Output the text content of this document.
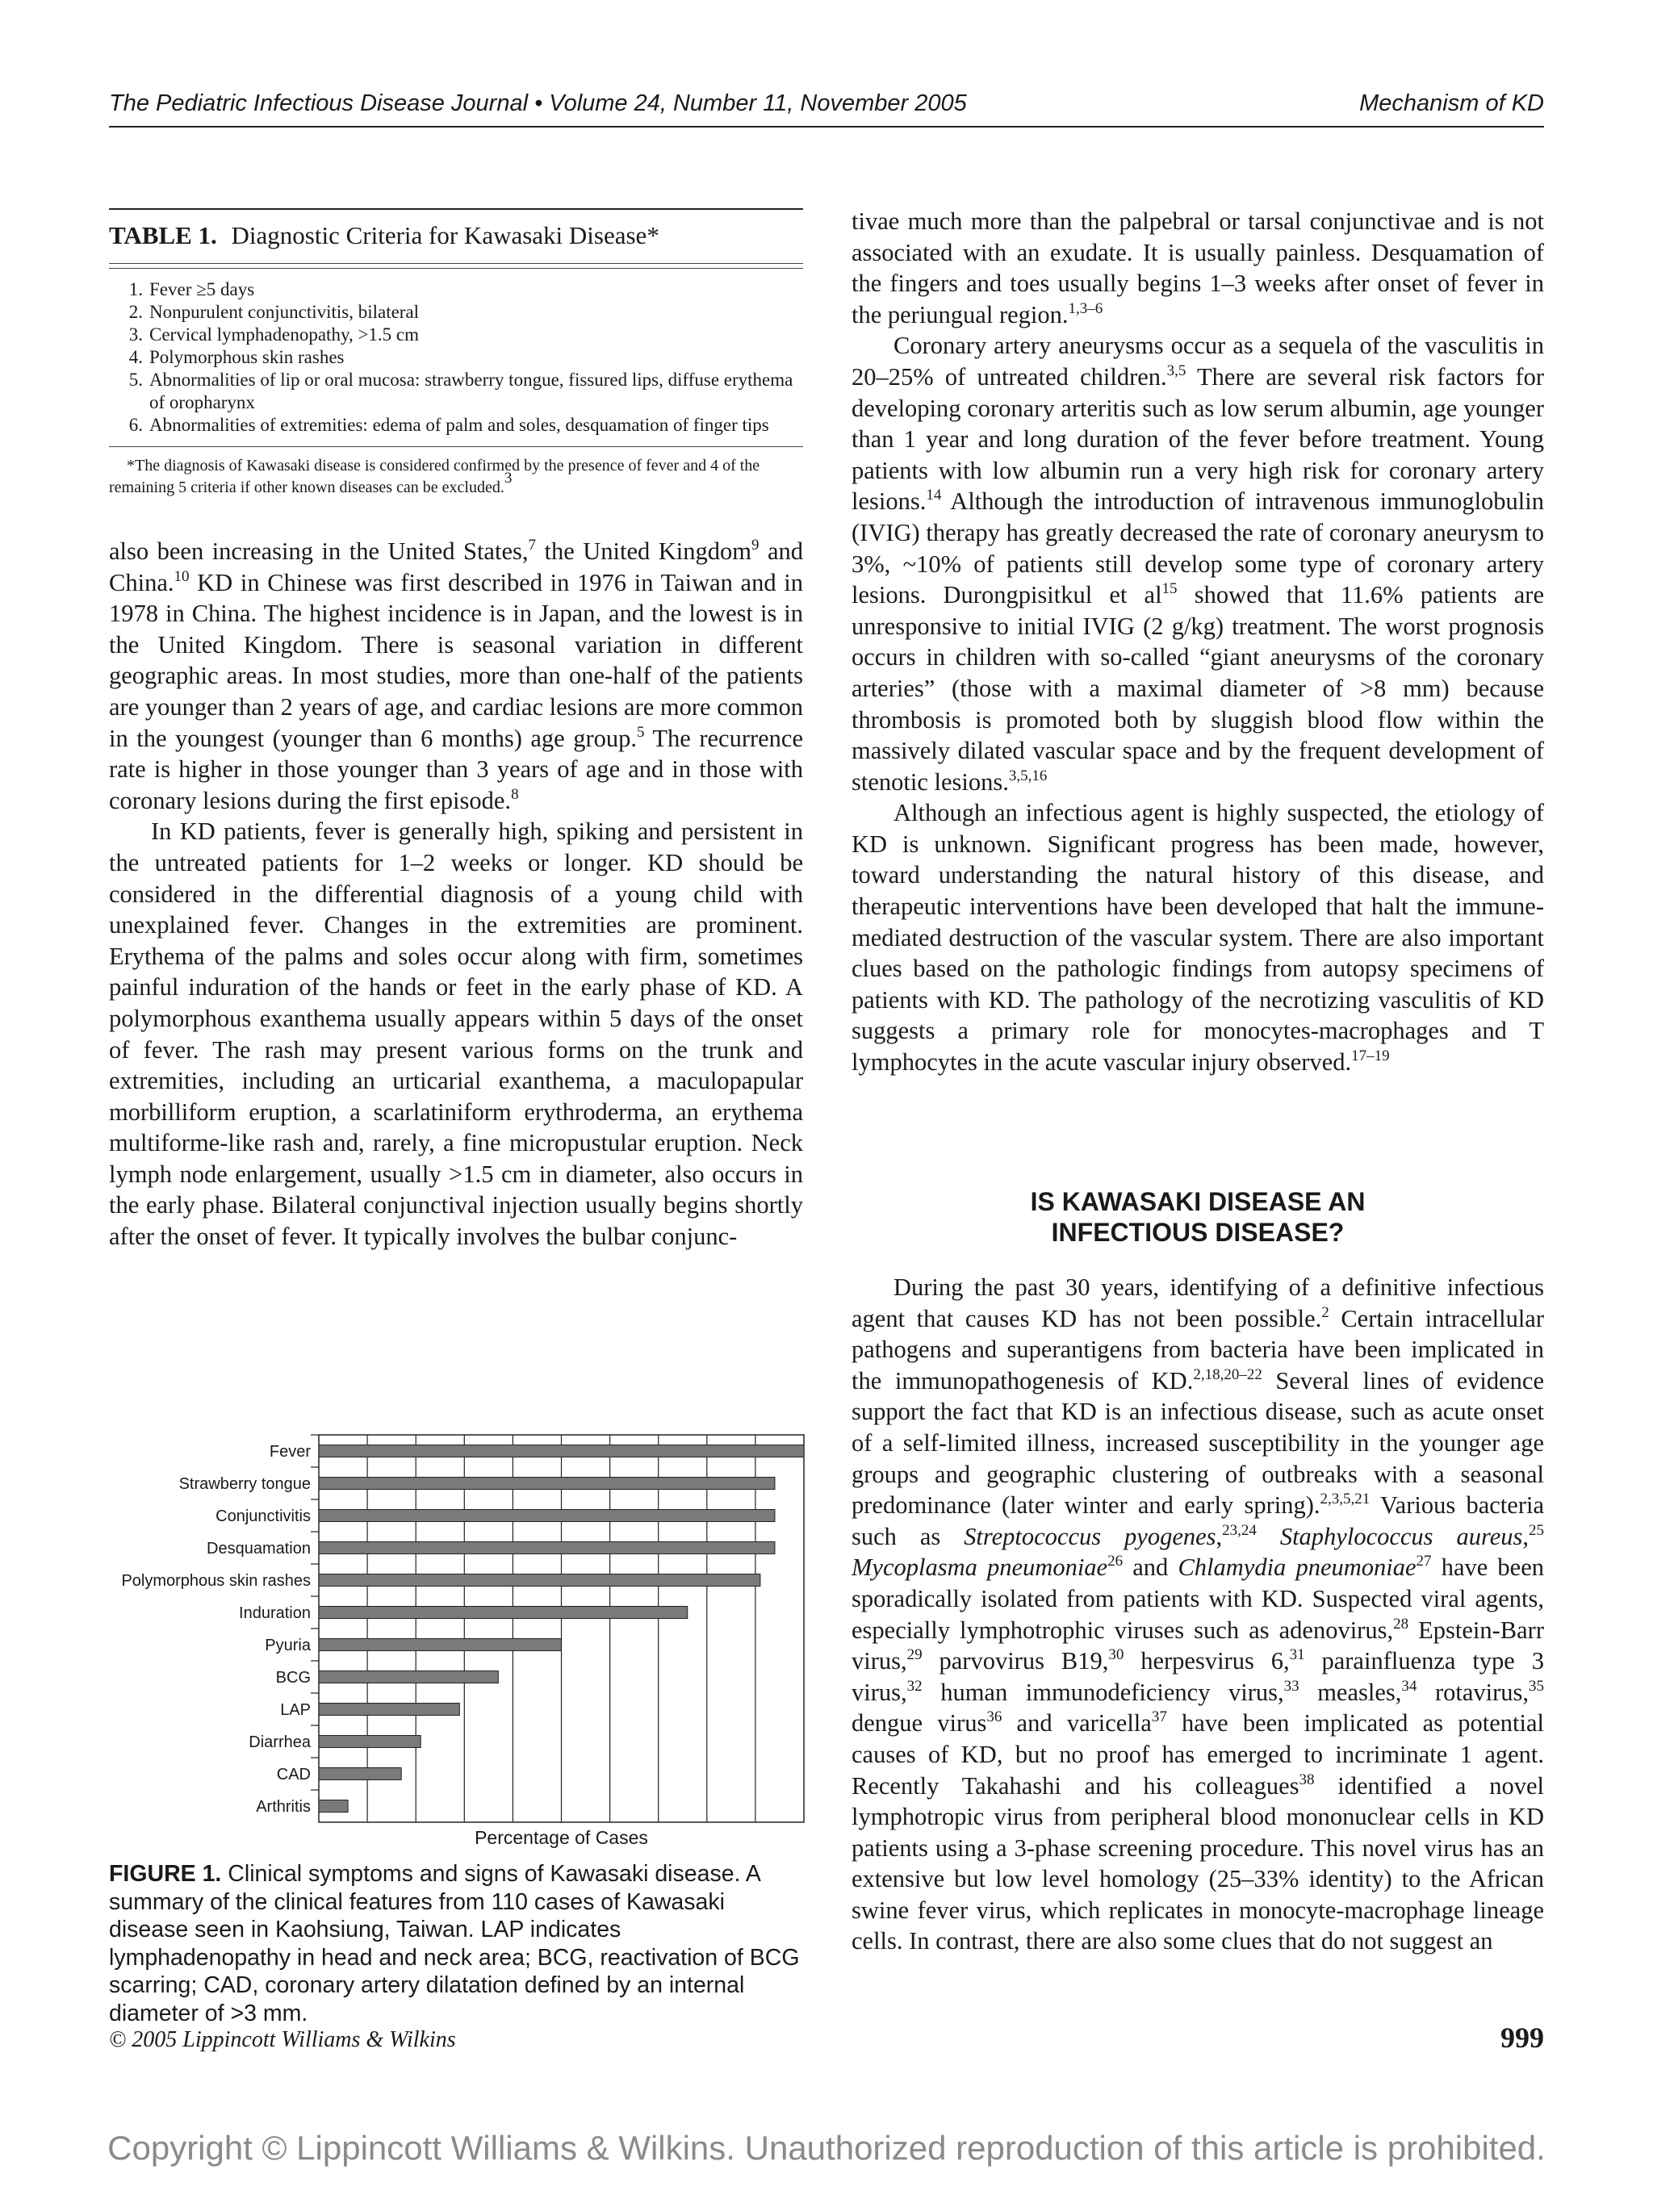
The Pediatric Infectious Disease Journal • Volume 24, Number 11, November 2005	Mechanism of KD
TABLE 1. Diagnostic Criteria for Kawasaki Disease*
1. Fever ≥5 days
2. Nonpurulent conjunctivitis, bilateral
3. Cervical lymphadenopathy, >1.5 cm
4. Polymorphous skin rashes
5. Abnormalities of lip or oral mucosa: strawberry tongue, fissured lips, diffuse erythema of oropharynx
6. Abnormalities of extremities: edema of palm and soles, desquamation of finger tips
*The diagnosis of Kawasaki disease is considered confirmed by the presence of fever and 4 of the remaining 5 criteria if other known diseases can be excluded.$^3$

also been increasing in the United States,$^7$ the United Kingdom$^9$ and China.$^{10}$ KD in Chinese was first described in 1976 in Taiwan and in 1978 in China. The highest incidence is in Japan, and the lowest is in the United Kingdom. There is seasonal variation in different geographic areas. In most studies, more than one-half of the patients are younger than 2 years of age, and cardiac lesions are more common in the youngest (younger than 6 months) age group.$^5$ The recurrence rate is higher in those younger than 3 years of age and in those with coronary lesions during the first episode.$^8$

In KD patients, fever is generally high, spiking and persistent in the untreated patients for 1–2 weeks or longer. KD should be considered in the differential diagnosis of a young child with unexplained fever. Changes in the extremities are prominent. Erythema of the palms and soles occur along with firm, sometimes painful induration of the hands or feet in the early phase of KD. A polymorphous exanthema usually appears within 5 days of the onset of fever. The rash may present various forms on the trunk and extremities, including an urticarial exanthema, a maculopapular morbilliform eruption, a scarlatiniform erythroderma, an erythema multiforme-like rash and, rarely, a fine micropustular eruption. Neck lymph node enlargement, usually >1.5 cm in diameter, also occurs in the early phase. Bilateral conjunctival injection usually begins shortly after the onset of fever. It typically involves the bulbar conjunc-

Fever
Strawberry tongue
Conjunctivitis
Desquamation
Polymorphous skin rashes
Induration
Pyuria
BCG
LAP
Diarrhea
CAD
Arthritis
Percentage of Cases
FIGURE 1. Clinical symptoms and signs of Kawasaki disease. A summary of the clinical features from 110 cases of Kawasaki disease seen in Kaohsiung, Taiwan. LAP indicates lymphadenopathy in head and neck area; BCG, reactivation of BCG scarring; CAD, coronary artery dilatation defined by an internal diameter of >3 mm.

tivae much more than the palpebral or tarsal conjunctivae and is not associated with an exudate. It is usually painless. Desquamation of the fingers and toes usually begins 1–3 weeks after onset of fever in the periungual region.$^{1,3-6}$

Coronary artery aneurysms occur as a sequela of the vasculitis in 20–25% of untreated children.$^{3,5}$ There are several risk factors for developing coronary arteritis such as low serum albumin, age younger than 1 year and long duration of the fever before treatment. Young patients with low albumin run a very high risk for coronary artery lesions.$^{14}$ Although the introduction of intravenous immunoglobulin (IVIG) therapy has greatly decreased the rate of coronary aneurysm to 3%, ~10% of patients still develop some type of coronary artery lesions. Durongpisitkul et $al^{15}$ showed that 11.6% patients are unresponsive to initial IVIG (2 g/kg) treatment. The worst prognosis occurs in children with so-called “giant aneurysms of the coronary arteries” (those with a maximal diameter of >8 mm) because thrombosis is promoted both by sluggish blood flow within the massively dilated vascular space and by the frequent development of stenotic lesions.$^{3,5,16}$

Although an infectious agent is highly suspected, the etiology of KD is unknown. Significant progress has been made, however, toward understanding the natural history of this disease, and therapeutic interventions have been developed that halt the immune-mediated destruction of the vascular system. There are also important clues based on the pathologic findings from autopsy specimens of patients with KD. The pathology of the necrotizing vasculitis of KD suggests a primary role for monocytes-macrophages and T lymphocytes in the acute vascular injury observed.$^{17-19}$

IS KAWASAKI DISEASE AN
INFECTIOUS DISEASE?

During the past 30 years, identifying of a definitive infectious agent that causes KD has not been possible.$^2$ Certain intracellular pathogens and superantigens from bacteria have been implicated in the immunopathogenesis of KD.$^{2,18,20-22}$ Several lines of evidence support the fact that KD is an infectious disease, such as acute onset of a self-limited illness, increased susceptibility in the younger age groups and geographic clustering of outbreaks with a seasonal predominance (later winter and early spring).$^{2,3,5,21}$ Various bacteria such as Streptococcus pyogenes,$^{23,24}$ Staphylococcus aureus,$^{25}$ Mycoplasma pneumoniae$^{26}$ and Chlamydia pneumoniae$^{27}$ have been sporadically isolated from patients with KD. Suspected viral agents, especially lymphotrophic viruses such as adenovirus,$^{28}$ Epstein-Barr virus,$^{29}$ parvovirus B19,30 herpesvirus 6,31 parainfluenza type 3 virus,$^{32}$ human immunodeficiency virus,$^{33}$ measles,$^{34}$ rotavirus,$^{35}$ dengue virus$^{36}$ and varicella$^{37}$ have been implicated as potential causes of KD, but no proof has emerged to incriminate 1 agent. Recently Takahashi and his colleagues$^{38}$ identified a novel lymphotropic virus from peripheral blood mononuclear cells in KD patients using a 3-phase screening procedure. This novel virus has an extensive but low level homology (25–33% identity) to the African swine fever virus, which replicates in monocyte-macrophage lineage cells. In contrast, there are also some clues that do not suggest an

© 2005 Lippincott Williams & Wilkins	999
Copyright © Lippincott Williams & Wilkins. Unauthorized reproduction of this article is prohibited.
